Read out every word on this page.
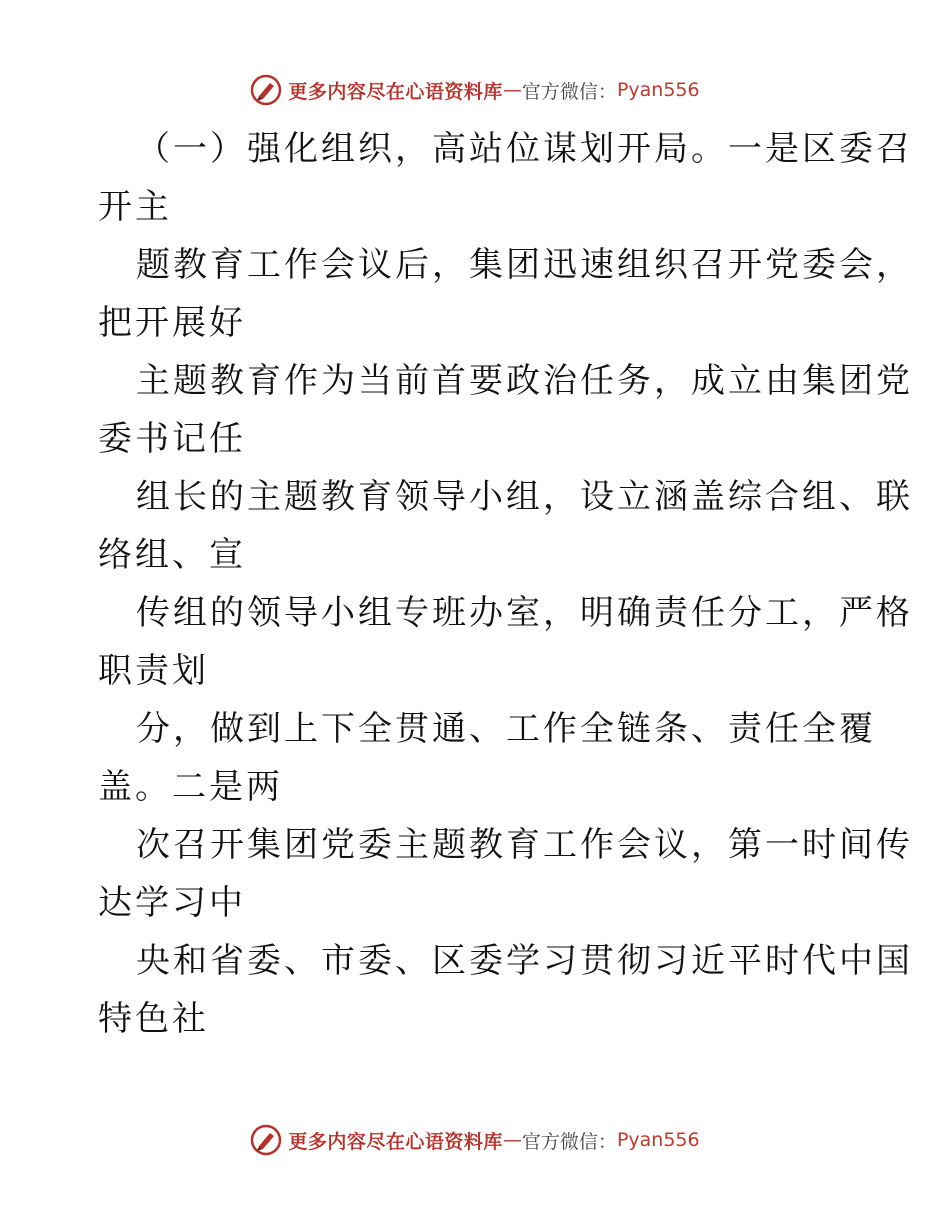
更多内容尽在心语资料库 — 官方微信： Pyan556
（一）强化组织，高站位谋划开局。一是区委召
开主
题教育工作会议后，集团迅速组织召开党委会，
把开展好
主题教育作为当前首要政治任务，成立由集团党
委书记任
组长的主题教育领导小组，设立涵盖综合组、联
络组、宣
传组的领导小组专班办室，明确责任分工，严格
职责划
分，做到上下全贯通、工作全链条、责任全覆
盖。二是两
次召开集团党委主题教育工作会议，第一时间传
达学习中
央和省委、市委、区委学习贯彻习近平时代中国
特色社
更多内容尽在心语资料库 — 官方微信： Pyan556
